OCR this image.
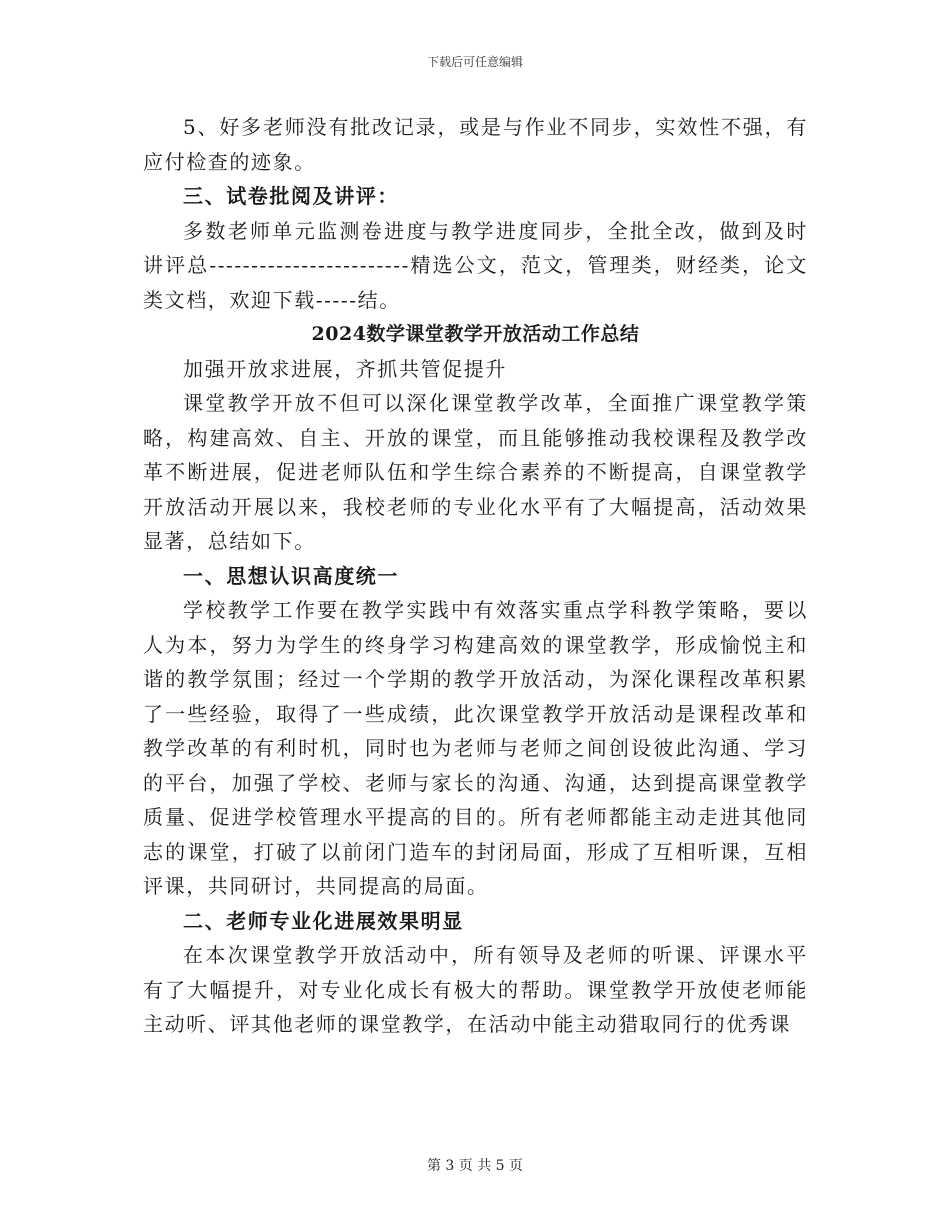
下载后可任意编辑

5、好多老师没有批改记录，或是与作业不同步，实效性不强，有应付检查的迹象。

三、试卷批阅及讲评：

多数老师单元监测卷进度与教学进度同步，全批全改，做到及时讲评总------------------------精选公文，范文，管理类，财经类，论文类文档，欢迎下载-----结。

2024数学课堂教学开放活动工作总结

加强开放求进展，齐抓共管促提升

课堂教学开放不但可以深化课堂教学改革，全面推广课堂教学策略，构建高效、自主、开放的课堂，而且能够推动我校课程及教学改革不断进展，促进老师队伍和学生综合素养的不断提高，自课堂教学开放活动开展以来，我校老师的专业化水平有了大幅提高，活动效果显著，总结如下。

一、思想认识高度统一

学校教学工作要在教学实践中有效落实重点学科教学策略，要以人为本，努力为学生的终身学习构建高效的课堂教学，形成愉悦主和谐的教学氛围；经过一个学期的教学开放活动，为深化课程改革积累了一些经验，取得了一些成绩，此次课堂教学开放活动是课程改革和教学改革的有利时机，同时也为老师与老师之间创设彼此沟通、学习的平台，加强了学校、老师与家长的沟通、沟通，达到提高课堂教学质量、促进学校管理水平提高的目的。所有老师都能主动走进其他同志的课堂，打破了以前闭门造车的封闭局面，形成了互相听课，互相评课，共同研讨，共同提高的局面。

二、老师专业化进展效果明显

在本次课堂教学开放活动中，所有领导及老师的听课、评课水平有了大幅提升，对专业化成长有极大的帮助。课堂教学开放使老师能主动听、评其他老师的课堂教学，在活动中能主动猎取同行的优秀课

第 3 页 共 5 页
